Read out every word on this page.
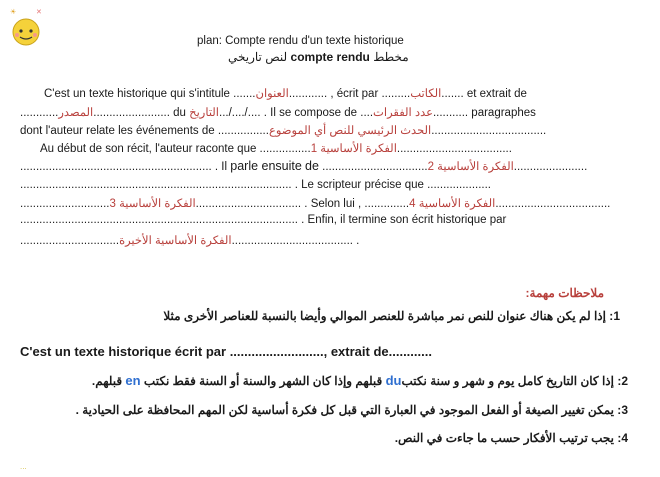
☀	✕
plan: Compte rendu d'un texte historique
لنص تاريخي compte rendu مخطط
C'est un texte historique qui s'intitule .......العنوان............ , écrit par .........الكاتب....... et extrait de
............المصدر........................ du التاريخ.../..../.... . Il se compose de ....عدد الفقرات........... paragraphes
dont l'auteur relate les événements de ................الحدث الرئيسي للنص أي الموضوع....................................
Au début de son récit, l'auteur raconte que ................الفكرة الأساسية 1....................................
............................................................ . Il parle ensuite de .................................الفكرة الأساسية 2.......................
..................................................................................... . Le scripteur précise que ....................
............................الفكرة الأساسية 3................................. . Selon lui , ..............الفكرة الأساسية 4....................................
....................................................................................... . Enfin, il termine son écrit historique par
...............................الفكرة الأساسية الأخيرة...................................... .
ملاحظات مهمة:
1: إذا لم يكن هناك عنوان للنص نمر مباشرة للعنصر الموالي وأيضا بالنسبة للعناصر الأخرى مثلا
C'est un texte historique écrit par .........................., extrait de............
2: إذا كان التاريخ كامل يوم و شهر و سنة نكتبdu قبلهم وإذا كان الشهر والسنة أو السنة فقط نكتب en قبلهم.
3: يمكن تغيير الصيغة أو الفعل الموجود في العبارة التي قبل كل فكرة أساسية لكن المهم المحافظة على الحيادية .
4: يجب ترتيب الأفكار حسب ما جاءت في النص.
...
